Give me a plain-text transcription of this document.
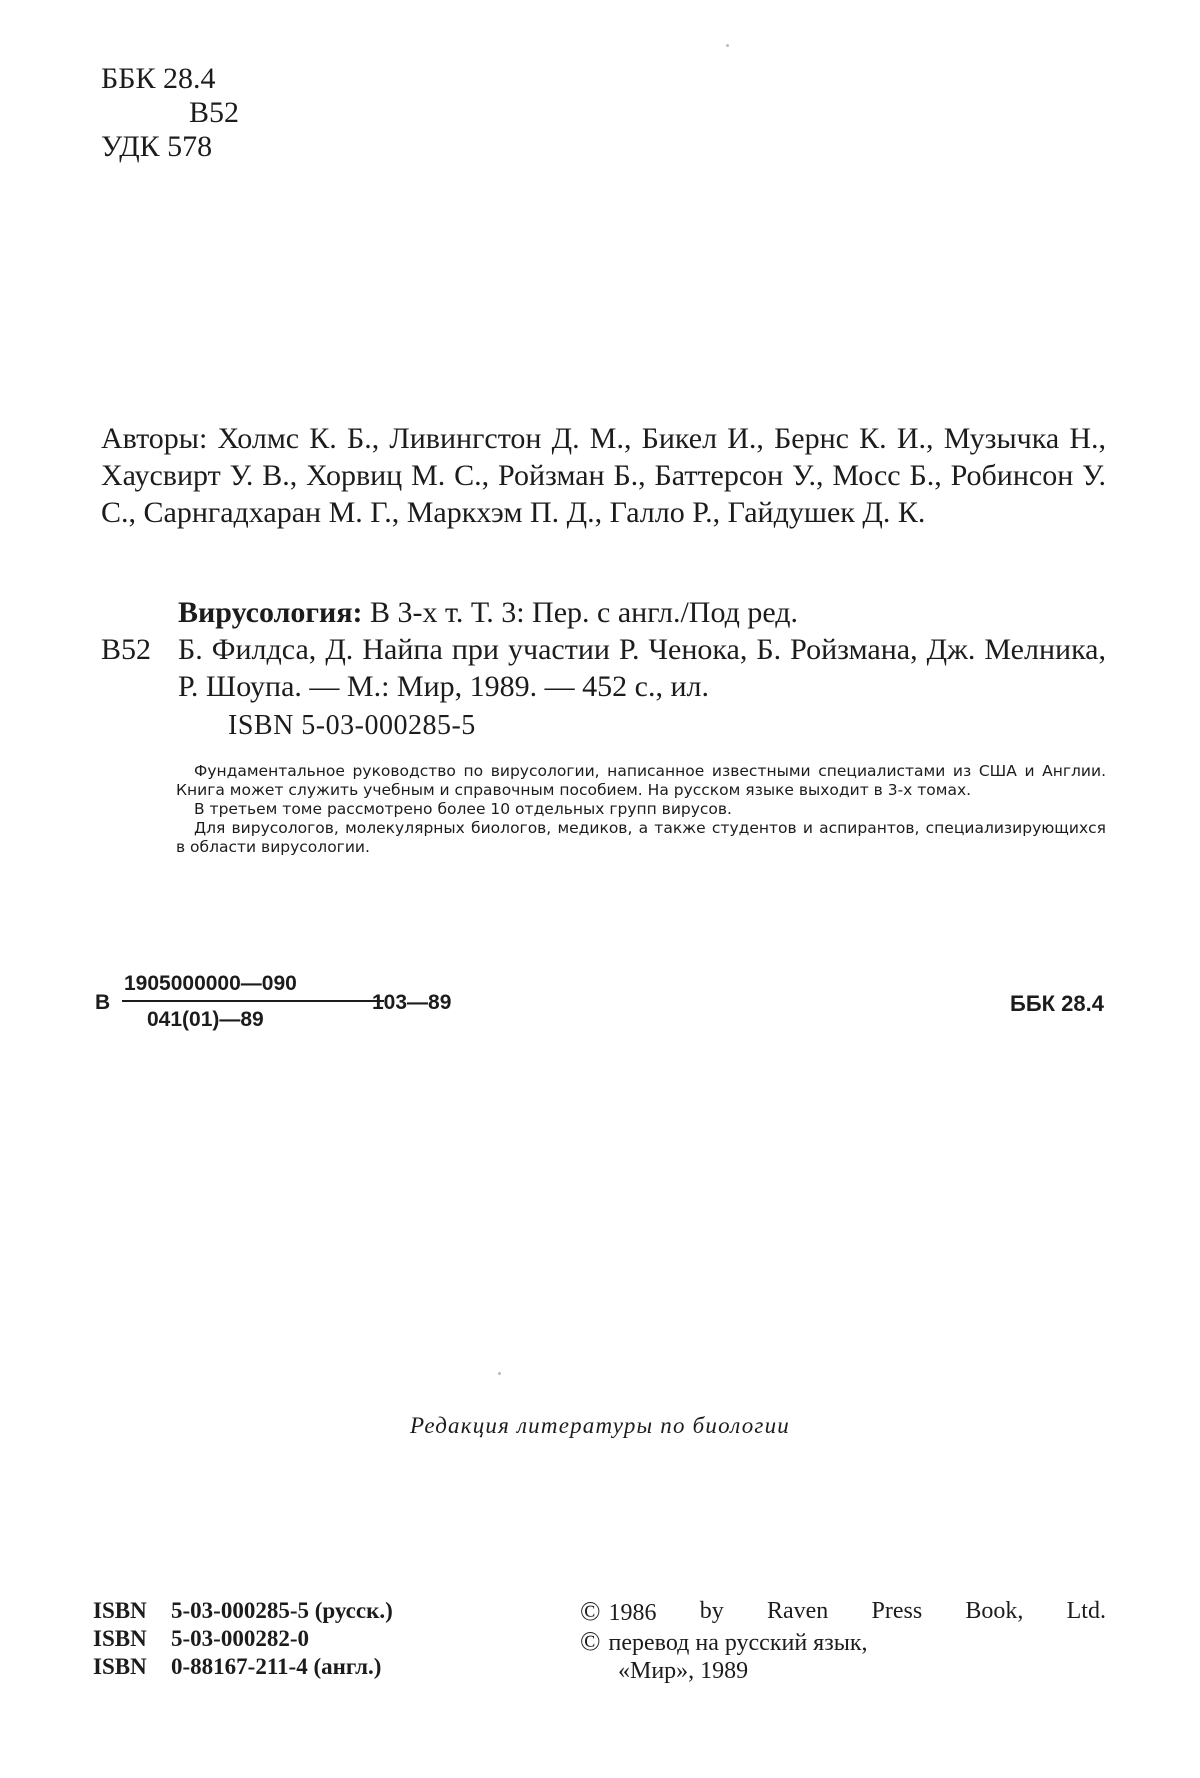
ББК 28.4
В52
УДК 578
Авторы: Холмс К. Б., Ливингстон Д. М., Бикел И., Бернс К. И., Музычка Н., Хаусвирт У. В., Хорвиц М. С., Ройзман Б., Баттерсон У., Мосс Б., Робинсон У. С., Сарнгадхаран М. Г., Маркхэм П. Д., Галло Р., Гайдушек Д. К.
Вирусология: В 3-х т. Т. 3: Пер. с англ./Под ред.
В52 Б. Филдса, Д. Найпа при участии Р. Ченока, Б. Ройзмана, Дж. Мелника, Р. Шоупа. — М.: Мир, 1989. — 452 с., ил.
ISBN 5-03-000285-5

Фундаментальное руководство по вирусологии, написанное известными специалистами из США и Англии. Книга может служить учебным и справочным пособием. На русском языке выходит в 3-х томах.

В третьем томе рассмотрено более 10 отдельных групп вирусов.

Для вирусологов, молекулярных биологов, медиков, а также студентов и аспирантов, специализирующихся в области вирусологии.

В
1905000000—090
041(01)—89
103—89	ББК 28.4
Редакция литературы по биологии
ISBN 5-03-000285-5 (русск.)
ISBN 5-03-000282-0
ISBN 0-88167-211-4 (англ.)
© 1986 by Raven Press Book, Ltd.
© перевод на русский язык,
«Мир», 1989
